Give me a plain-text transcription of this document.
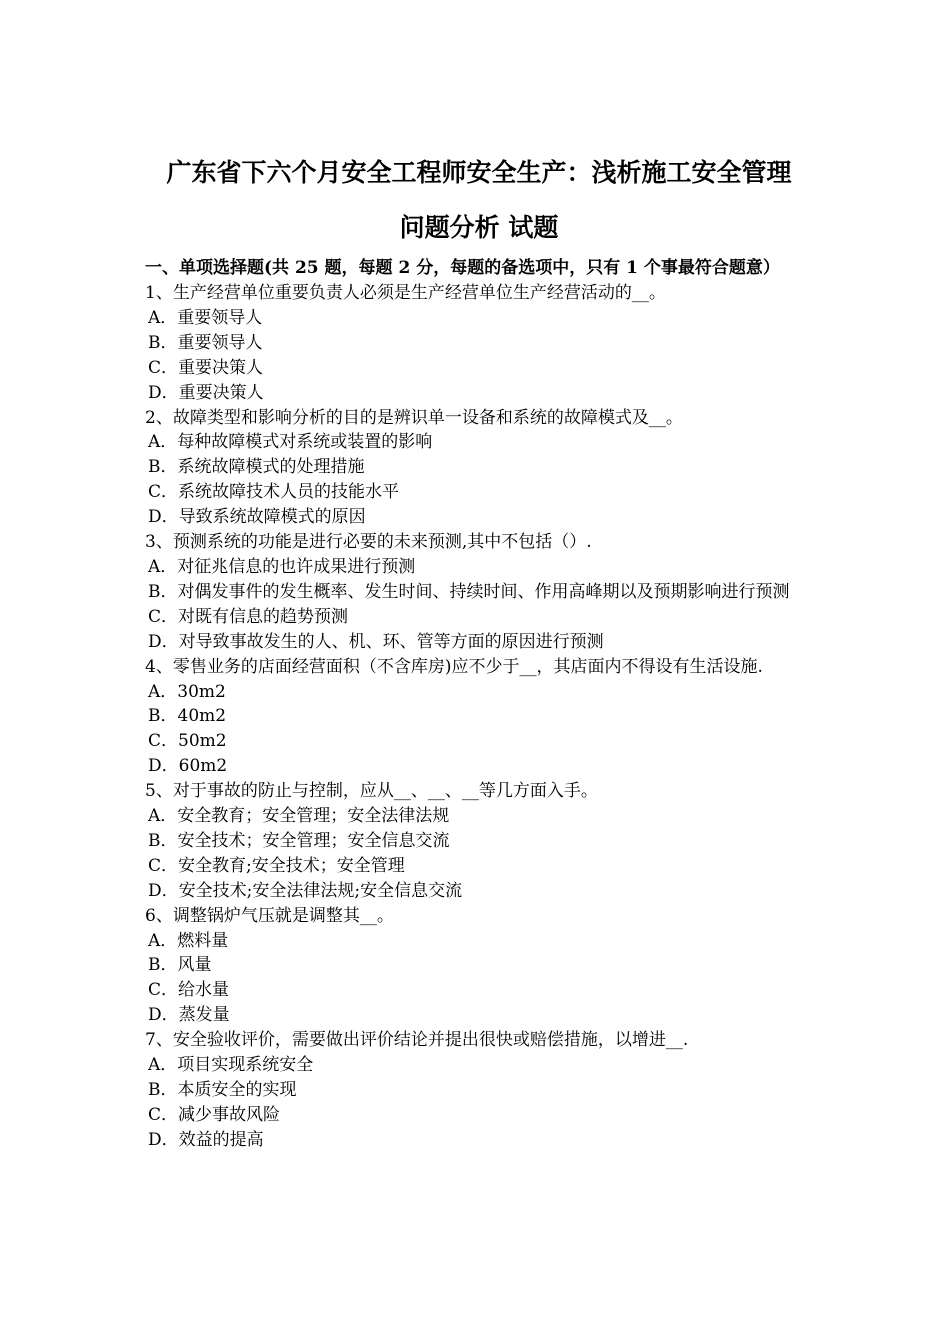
广东省下六个月安全工程师安全生产：浅析施工安全管理
问题分析 试题
一、单项选择题(共 25 题，每题 2 分，每题的备选项中，只有 1 个事最符合题意）
1、生产经营单位重要负责人必须是生产经营单位生产经营活动的__。
A．重要领导人
B．重要领导人
C．重要决策人
D．重要决策人
2、故障类型和影响分析的目的是辨识单一设备和系统的故障模式及__。
A．每种故障模式对系统或装置的影响
B．系统故障模式的处理措施
C．系统故障技术人员的技能水平
D．导致系统故障模式的原因
3、预测系统的功能是进行必要的未来预测,其中不包括（）.
A．对征兆信息的也许成果进行预测
B．对偶发事件的发生概率、发生时间、持续时间、作用高峰期以及预期影响进行预测
C．对既有信息的趋势预测
D．对导致事故发生的人、机、环、管等方面的原因进行预测
4、零售业务的店面经营面积（不含库房)应不少于__，其店面内不得设有生活设施.
A．30m2
B．40m2
C．50m2
D．60m2
5、对于事故的防止与控制，应从__、__、__等几方面入手。
A．安全教育；安全管理；安全法律法规
B．安全技术；安全管理；安全信息交流
C．安全教育;安全技术；安全管理
D．安全技术;安全法律法规;安全信息交流
6、调整锅炉气压就是调整其__。
A．燃料量
B．风量
C．给水量
D．蒸发量
7、安全验收评价，需要做出评价结论并提出很快或赔偿措施，以增进__.
A．项目实现系统安全
B．本质安全的实现
C．减少事故风险
D．效益的提高
